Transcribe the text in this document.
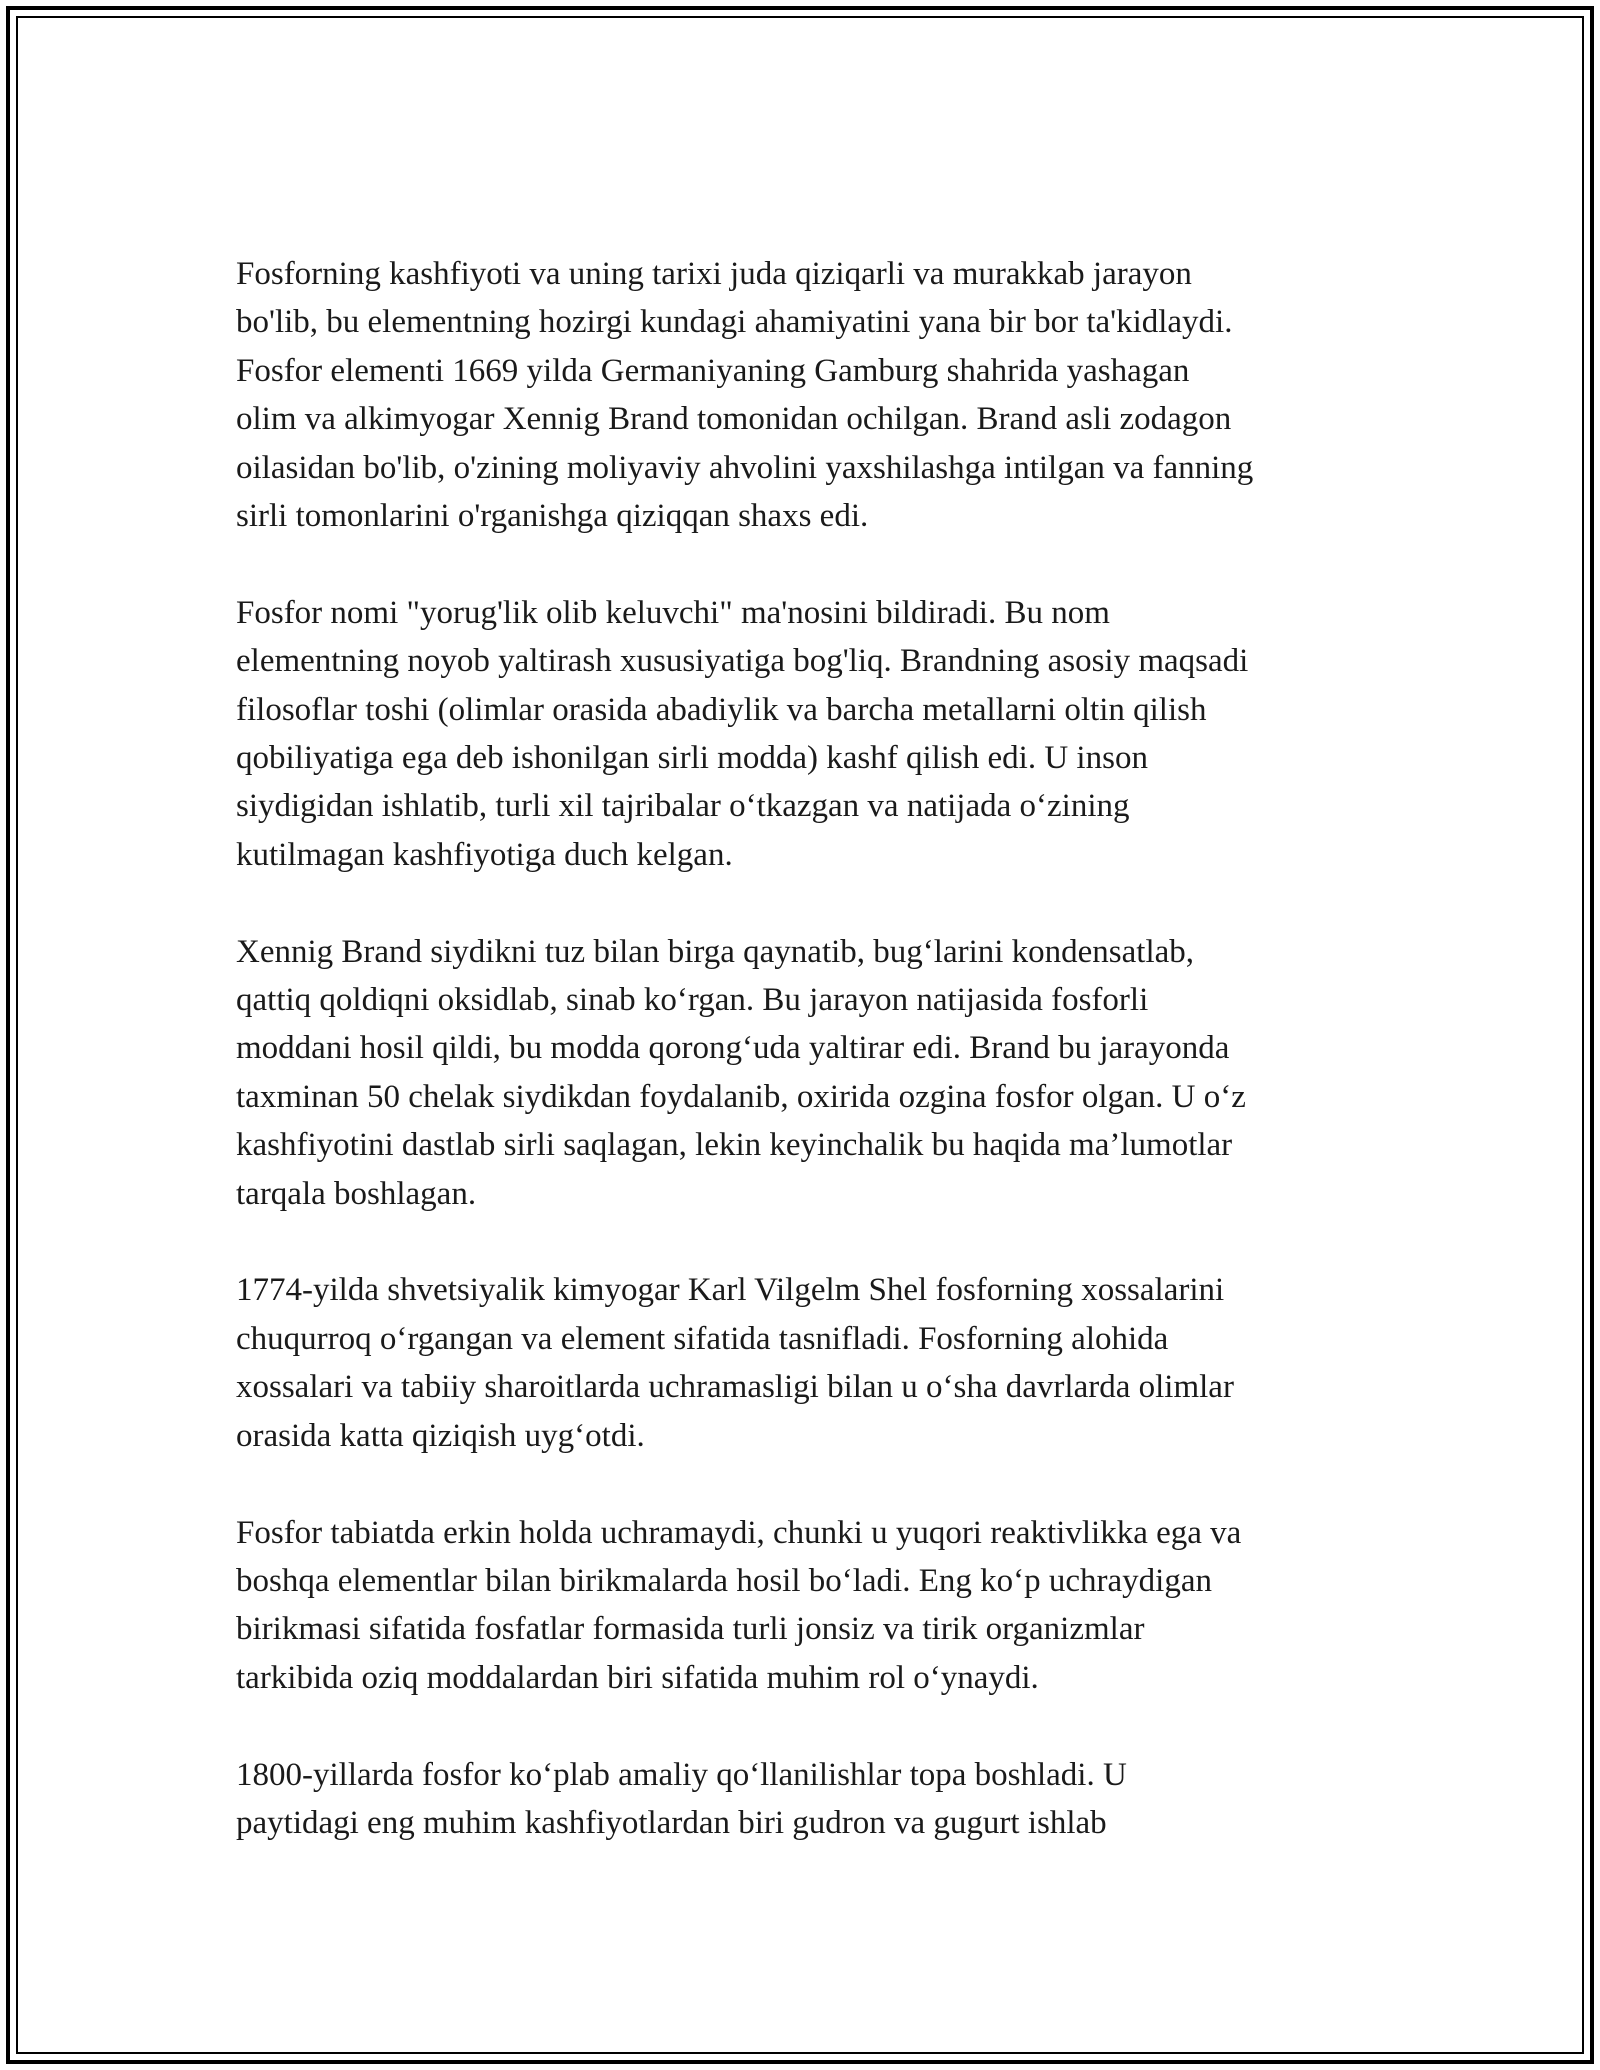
Fosforning kashfiyoti va uning tarixi juda qiziqarli va murakkab jarayon
bo'lib, bu elementning hozirgi kundagi ahamiyatini yana bir bor ta'kidlaydi.
Fosfor elementi 1669 yilda Germaniyaning Gamburg shahrida yashagan
olim va alkimyogar Xennig Brand tomonidan ochilgan. Brand asli zodagon
oilasidan bo'lib, o'zining moliyaviy ahvolini yaxshilashga intilgan va fanning
sirli tomonlarini o'rganishga qiziqqan shaxs edi.

Fosfor nomi "yorug'lik olib keluvchi" ma'nosini bildiradi. Bu nom
elementning noyob yaltirash xususiyatiga bog'liq. Brandning asosiy maqsadi
filosoflar toshi (olimlar orasida abadiylik va barcha metallarni oltin qilish
qobiliyatiga ega deb ishonilgan sirli modda) kashf qilish edi. U inson
siydigidan ishlatib, turli xil tajribalar o‘tkazgan va natijada o‘zining
kutilmagan kashfiyotiga duch kelgan.

Xennig Brand siydikni tuz bilan birga qaynatib, bug‘larini kondensatlab,
qattiq qoldiqni oksidlab, sinab ko‘rgan. Bu jarayon natijasida fosforli
moddani hosil qildi, bu modda qorong‘uda yaltirar edi. Brand bu jarayonda
taxminan 50 chelak siydikdan foydalanib, oxirida ozgina fosfor olgan. U o‘z
kashfiyotini dastlab sirli saqlagan, lekin keyinchalik bu haqida ma’lumotlar
tarqala boshlagan.

1774-yilda shvetsiyalik kimyogar Karl Vilgelm Shel fosforning xossalarini
chuqurroq o‘rgangan va element sifatida tasnifladi. Fosforning alohida
xossalari va tabiiy sharoitlarda uchramasligi bilan u o‘sha davrlarda olimlar
orasida katta qiziqish uyg‘otdi.

Fosfor tabiatda erkin holda uchramaydi, chunki u yuqori reaktivlikka ega va
boshqa elementlar bilan birikmalarda hosil bo‘ladi. Eng ko‘p uchraydigan
birikmasi sifatida fosfatlar formasida turli jonsiz va tirik organizmlar
tarkibida oziq moddalardan biri sifatida muhim rol o‘ynaydi.

1800-yillarda fosfor ko‘plab amaliy qo‘llanilishlar topa boshladi. U
paytidagi eng muhim kashfiyotlardan biri gudron va gugurt ishlab
